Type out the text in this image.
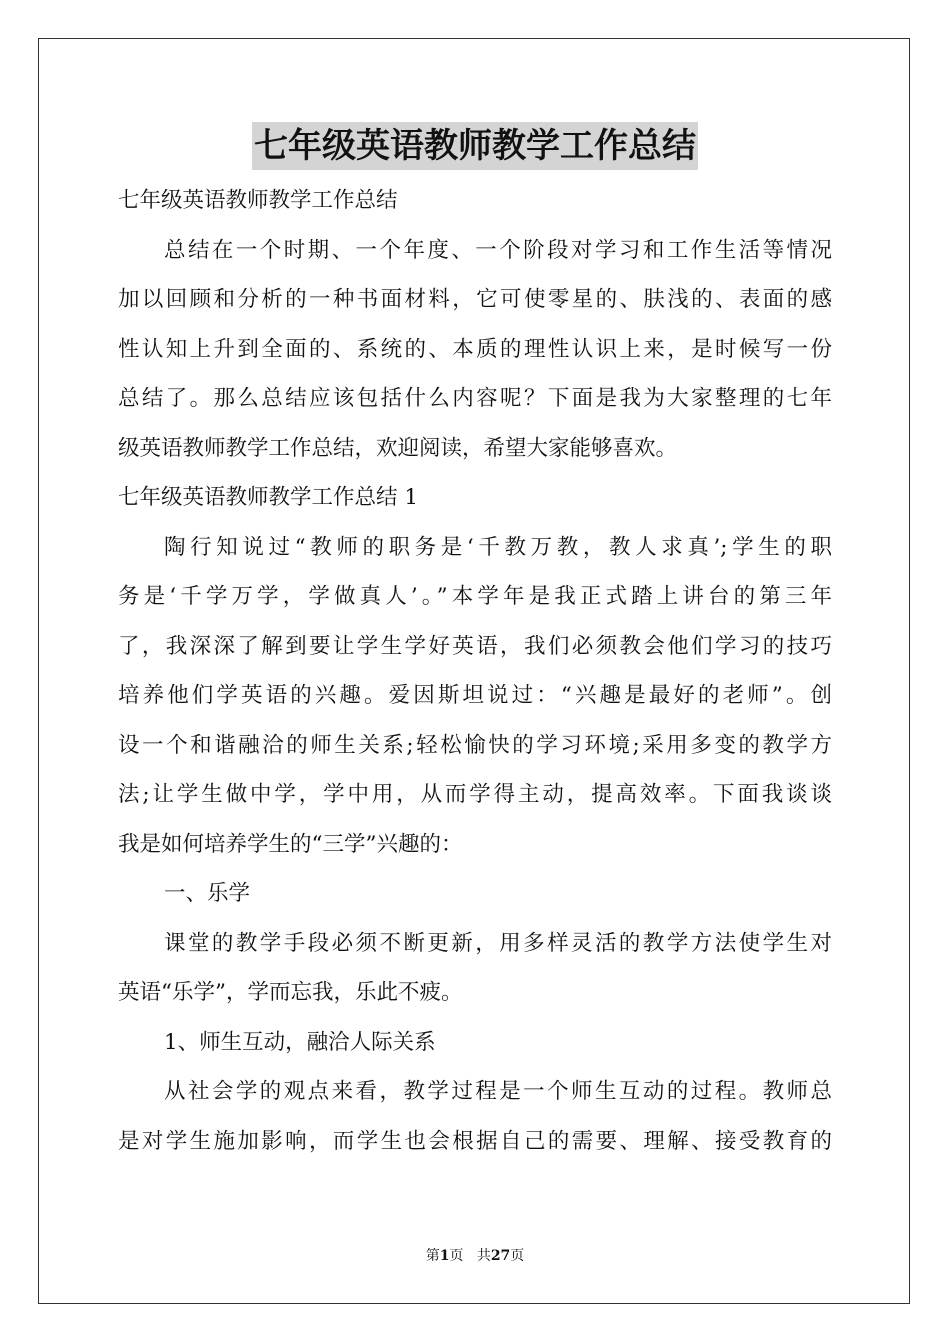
七年级英语教师教学工作总结
七年级英语教师教学工作总结
总结在一个时期、一个年度、一个阶段对学习和工作生活等情况
加以回顾和分析的一种书面材料，它可使零星的、肤浅的、表面的感
性认知上升到全面的、系统的、本质的理性认识上来，是时候写一份
总结了。那么总结应该包括什么内容呢？下面是我为大家整理的七年
级英语教师教学工作总结，欢迎阅读，希望大家能够喜欢。
七年级英语教师教学工作总结 1
陶行知说过“教师的职务是‘千教万教，教人求真’;学生的职
务是‘千学万学，学做真人’。”本学年是我正式踏上讲台的第三年
了，我深深了解到要让学生学好英语，我们必须教会他们学习的技巧
培养他们学英语的兴趣。爱因斯坦说过：“兴趣是最好的老师”。创
设一个和谐融洽的师生关系;轻松愉快的学习环境;采用多变的教学方
法;让学生做中学，学中用，从而学得主动，提高效率。下面我谈谈
我是如何培养学生的“三学”兴趣的：
一、乐学
课堂的教学手段必须不断更新，用多样灵活的教学方法使学生对
英语“乐学”，学而忘我，乐此不疲。
1、师生互动，融洽人际关系
从社会学的观点来看，教学过程是一个师生互动的过程。教师总
是对学生施加影响，而学生也会根据自己的需要、理解、接受教育的
第1页 共27页
